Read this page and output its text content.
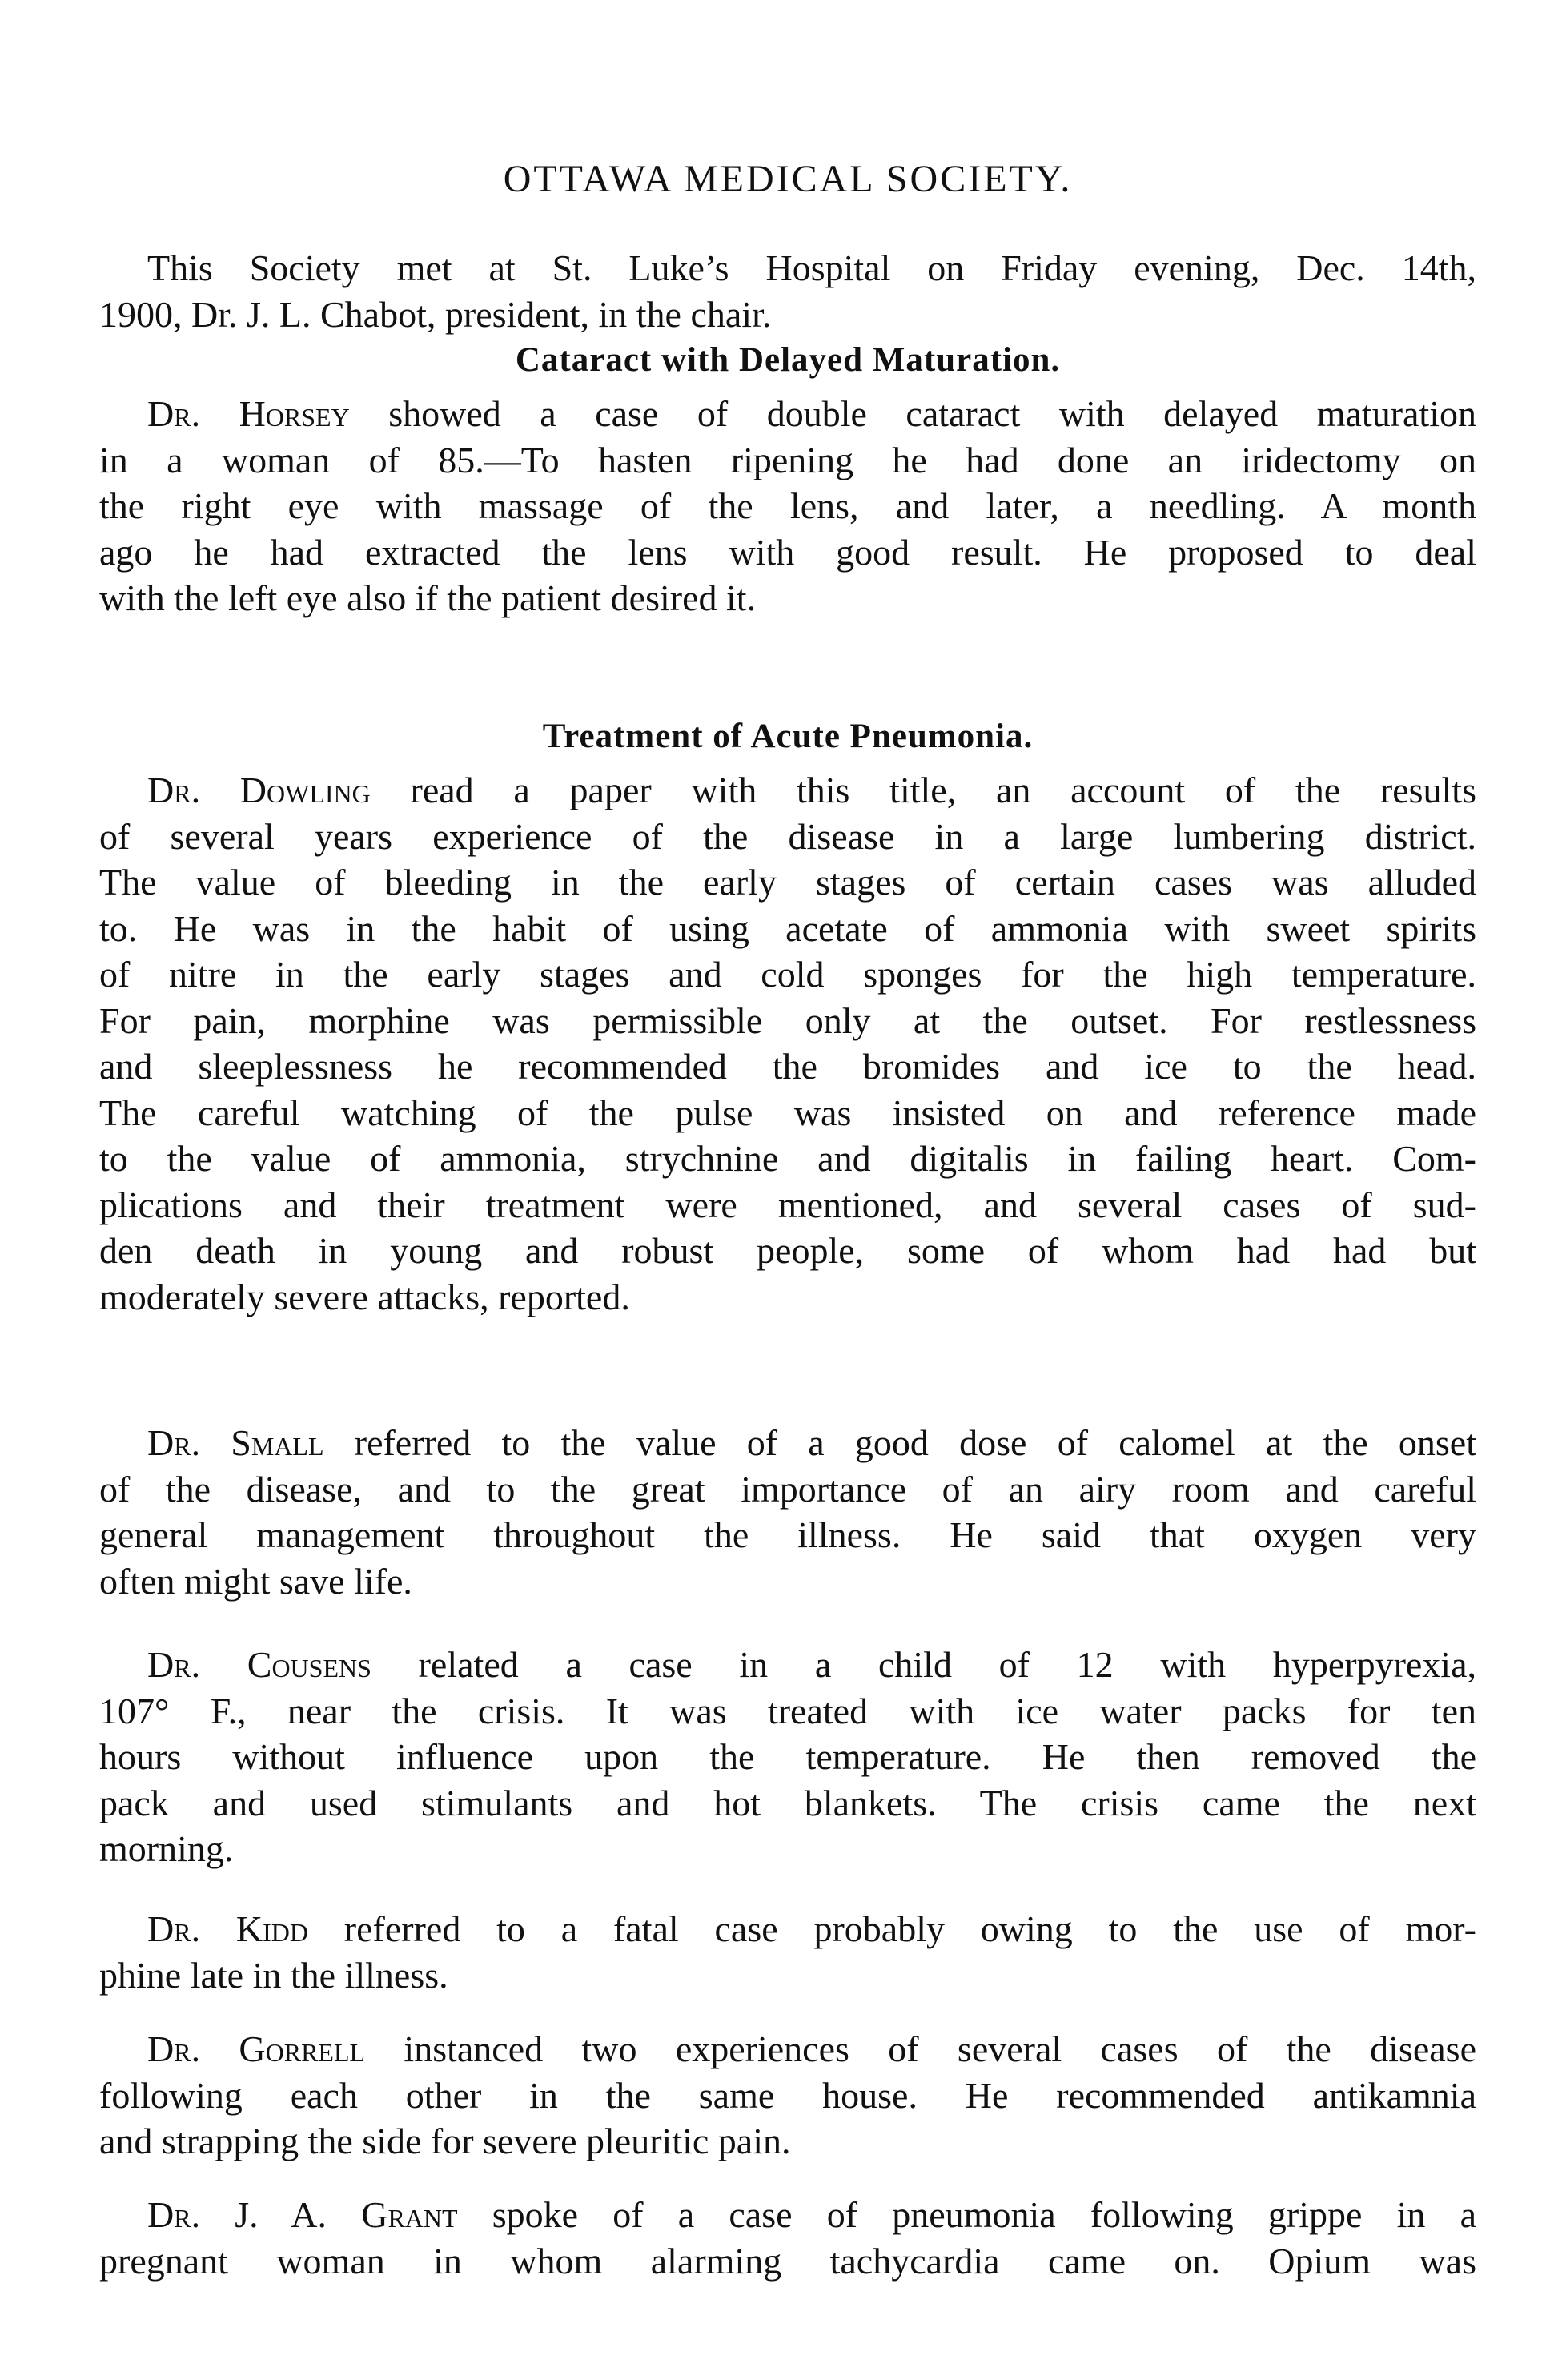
OTTAWA MEDICAL SOCIETY.

This Society met at St. Luke’s Hospital on Friday evening, Dec. 14th,
1900, Dr. J. L. Chabot, president, in the chair.

Cataract with Delayed Maturation.

Dr. Horsey showed a case of double cataract with delayed maturation
in a woman of 85.—To hasten ripening he had done an iridectomy on
the right eye with massage of the lens, and later, a needling. A month
ago he had extracted the lens with good result. He proposed to deal
with the left eye also if the patient desired it.

Treatment of Acute Pneumonia.

Dr. Dowling read a paper with this title, an account of the results
of several years experience of the disease in a large lumbering district.
The value of bleeding in the early stages of certain cases was alluded
to. He was in the habit of using acetate of ammonia with sweet spirits
of nitre in the early stages and cold sponges for the high temperature.
For pain, morphine was permissible only at the outset. For restlessness
and sleeplessness he recommended the bromides and ice to the head.
The careful watching of the pulse was insisted on and reference made
to the value of ammonia, strychnine and digitalis in failing heart. Com-
plications and their treatment were mentioned, and several cases of sud-
den death in young and robust people, some of whom had had but
moderately severe attacks, reported.

Dr. Small referred to the value of a good dose of calomel at the onset
of the disease, and to the great importance of an airy room and careful
general management throughout the illness. He said that oxygen very
often might save life.

Dr. Cousens related a case in a child of 12 with hyperpyrexia,
107° F., near the crisis. It was treated with ice water packs for ten
hours without influence upon the temperature. He then removed the
pack and used stimulants and hot blankets. The crisis came the next
morning.

Dr. Kidd referred to a fatal case probably owing to the use of mor-
phine late in the illness.

Dr. Gorrell instanced two experiences of several cases of the disease
following each other in the same house. He recommended antikamnia
and strapping the side for severe pleuritic pain.

Dr. J. A. Grant spoke of a case of pneumonia following grippe in a
pregnant woman in whom alarming tachycardia came on. Opium was
